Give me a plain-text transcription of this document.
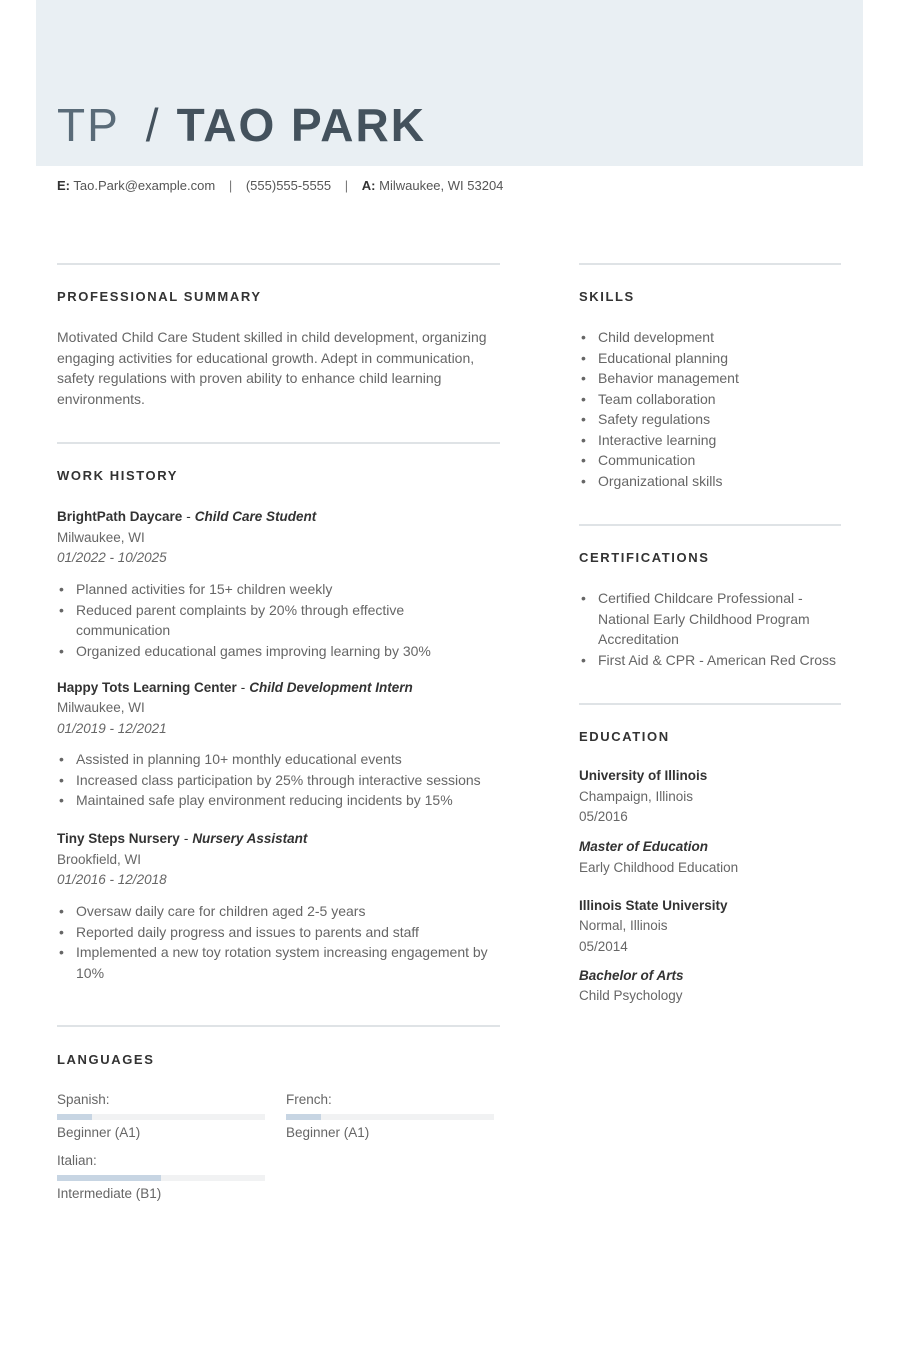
TP / TAO PARK
E: Tao.Park@example.com | (555)555-5555 | A: Milwaukee, WI 53204
PROFESSIONAL SUMMARY
Motivated Child Care Student skilled in child development, organizing engaging activities for educational growth. Adept in communication, safety regulations with proven ability to enhance child learning environments.
WORK HISTORY
BrightPath Daycare - Child Care Student
Milwaukee, WI
01/2022 - 10/2025
• Planned activities for 15+ children weekly
• Reduced parent complaints by 20% through effective communication
• Organized educational games improving learning by 30%
Happy Tots Learning Center - Child Development Intern
Milwaukee, WI
01/2019 - 12/2021
• Assisted in planning 10+ monthly educational events
• Increased class participation by 25% through interactive sessions
• Maintained safe play environment reducing incidents by 15%
Tiny Steps Nursery - Nursery Assistant
Brookfield, WI
01/2016 - 12/2018
• Oversaw daily care for children aged 2-5 years
• Reported daily progress and issues to parents and staff
• Implemented a new toy rotation system increasing engagement by 10%
LANGUAGES
Spanish:
Beginner (A1)
French:
Beginner (A1)
Italian:
Intermediate (B1)
SKILLS
• Child development
• Educational planning
• Behavior management
• Team collaboration
• Safety regulations
• Interactive learning
• Communication
• Organizational skills
CERTIFICATIONS
• Certified Childcare Professional - National Early Childhood Program Accreditation
• First Aid & CPR - American Red Cross
EDUCATION
University of Illinois
Champaign, Illinois
05/2016
Master of Education
Early Childhood Education
Illinois State University
Normal, Illinois
05/2014
Bachelor of Arts
Child Psychology
